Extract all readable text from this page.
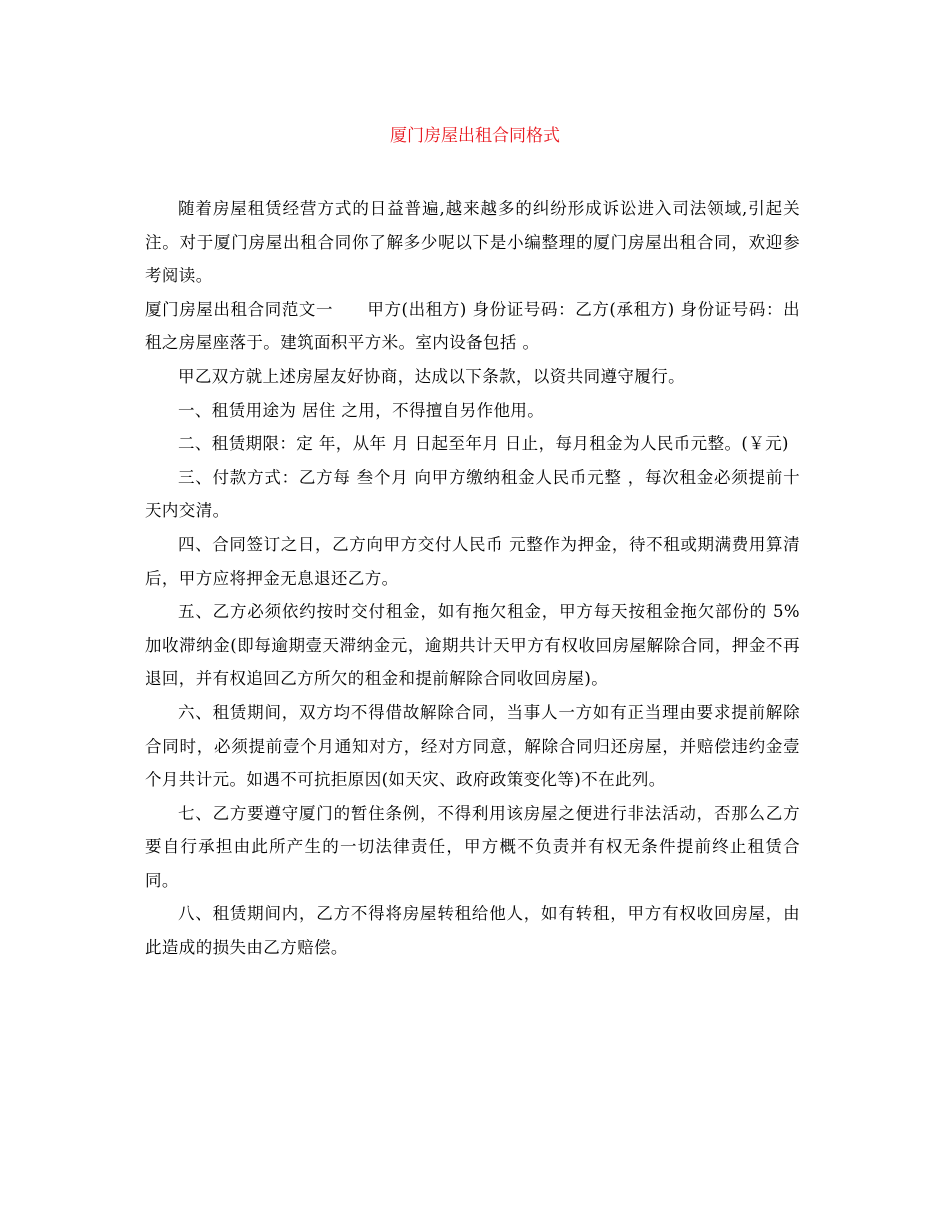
厦门房屋出租合同格式

随着房屋租赁经营方式的日益普遍,越来越多的纠纷形成诉讼进入司法领域,引起关注。对于厦门房屋出租合同你了解多少呢以下是小编整理的厦门房屋出租合同，欢迎参考阅读。

厦门房屋出租合同范文一　　甲方(出租方) 身份证号码：乙方(承租方) 身份证号码：出租之房屋座落于。建筑面积平方米。室内设备包括 。

甲乙双方就上述房屋友好协商，达成以下条款，以资共同遵守履行。

一、租赁用途为 居住 之用，不得擅自另作他用。

二、租赁期限：定 年，从年 月 日起至年月 日止，每月租金为人民币元整。(￥元)

三、付款方式：乙方每 叁个月 向甲方缴纳租金人民币元整 ，每次租金必须提前十天内交清。

四、合同签订之日，乙方向甲方交付人民币 元整作为押金，待不租或期满费用算清后，甲方应将押金无息退还乙方。

五、乙方必须依约按时交付租金，如有拖欠租金，甲方每天按租金拖欠部份的 5%加收滞纳金(即每逾期壹天滞纳金元，逾期共计天甲方有权收回房屋解除合同，押金不再退回，并有权追回乙方所欠的租金和提前解除合同收回房屋)。

六、租赁期间，双方均不得借故解除合同，当事人一方如有正当理由要求提前解除合同时，必须提前壹个月通知对方，经对方同意，解除合同归还房屋，并赔偿违约金壹个月共计元。如遇不可抗拒原因(如天灾、政府政策变化等)不在此列。

七、乙方要遵守厦门的暂住条例，不得利用该房屋之便进行非法活动，否那么乙方要自行承担由此所产生的一切法律责任，甲方概不负责并有权无条件提前终止租赁合同。

八、租赁期间内，乙方不得将房屋转租给他人，如有转租，甲方有权收回房屋，由此造成的损失由乙方赔偿。
